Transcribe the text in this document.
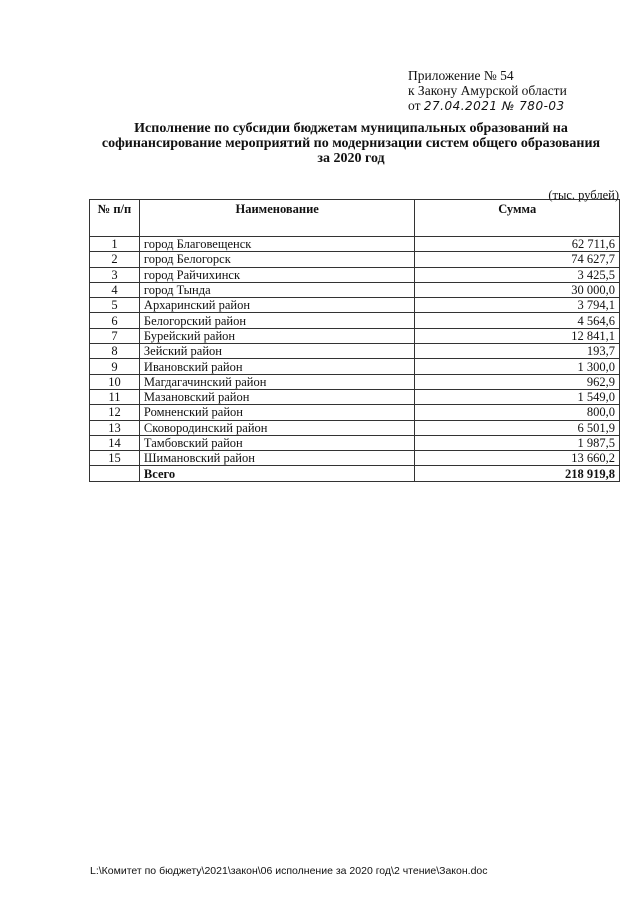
Приложение № 54
к Закону Амурской области
от 27.04.2021 № 780-03
Исполнение по субсидии бюджетам муниципальных образований на софинансирование мероприятий по модернизации систем общего образования за 2020 год
(тыс. рублей)
№ п/п	Наименование	Сумма
1	город Благовещенск	62 711,6
2	город Белогорск	74 627,7
3	город Райчихинск	3 425,5
4	город Тында	30 000,0
5	Архаринский район	3 794,1
6	Белогорский район	4 564,6
7	Бурейский район	12 841,1
8	Зейский район	193,7
9	Ивановский район	1 300,0
10	Магдагачинский район	962,9
11	Мазановский район	1 549,0
12	Ромненский район	800,0
13	Сковородинский район	6 501,9
14	Тамбовский район	1 987,5
15	Шимановский район	13 660,2
	Всего	218 919,8
L:\Комитет по бюджету\2021\закон\06 исполнение за 2020 год\2 чтение\Закон.doc
